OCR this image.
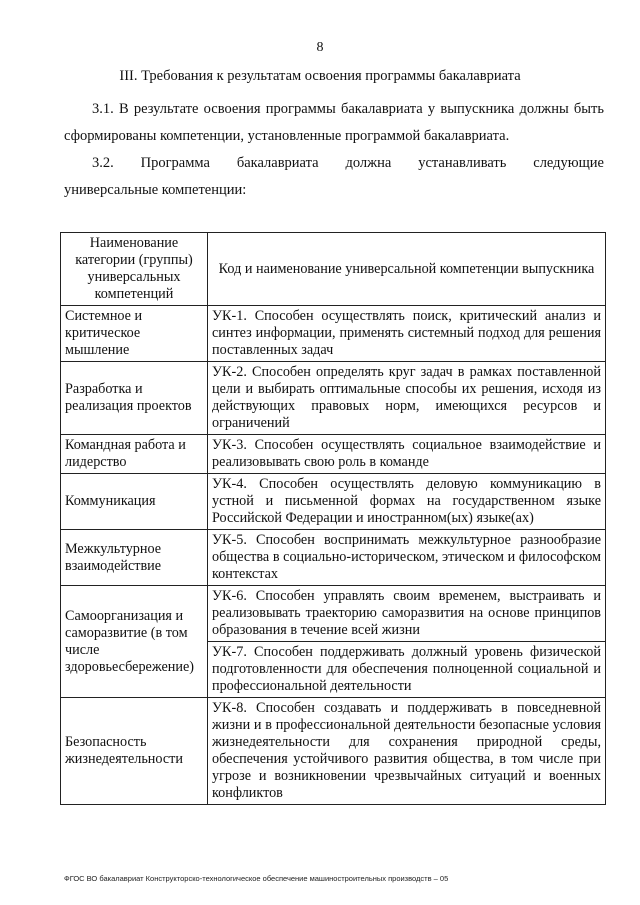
8
III. Требования к результатам освоения программы бакалавриата
3.1. В результате освоения программы бакалавриата у выпускника должны быть сформированы компетенции, установленные программой бакалавриата.
3.2. Программа бакалавриата должна устанавливать следующие
универсальные компетенции:
Наименование категории (группы) универсальных компетенций	Код и наименование универсальной компетенции выпускника
Системное и критическое мышление	УК-1. Способен осуществлять поиск, критический анализ и синтез информации, применять системный подход для решения поставленных задач
Разработка и реализация проектов	УК-2. Способен определять круг задач в рамках поставленной цели и выбирать оптимальные способы их решения, исходя из действующих правовых норм, имеющихся ресурсов и ограничений
Командная работа и лидерство	УК-3. Способен осуществлять социальное взаимодействие и реализовывать свою роль в команде
Коммуникация	УК-4. Способен осуществлять деловую коммуникацию в устной и письменной формах на государственном языке Российской Федерации и иностранном(ых) языке(ах)
Межкультурное взаимодействие	УК-5. Способен воспринимать межкультурное разнообразие общества в социально-историческом, этическом и философском контекстах
Самоорганизация и саморазвитие (в том числе здоровьесбережение)	УК-6. Способен управлять своим временем, выстраивать и реализовывать траекторию саморазвития на основе принципов образования в течение всей жизни
	УК-7. Способен поддерживать должный уровень физической подготовленности для обеспечения полноценной социальной и профессиональной деятельности
Безопасность жизнедеятельности	УК-8. Способен создавать и поддерживать в повседневной жизни и в профессиональной деятельности безопасные условия жизнедеятельности для сохранения природной среды, обеспечения устойчивого развития общества, в том числе при угрозе и возникновении чрезвычайных ситуаций и военных конфликтов
ФГОС ВО бакалавриат Конструкторско-технологическое обеспечение машиностроительных производств – 05
